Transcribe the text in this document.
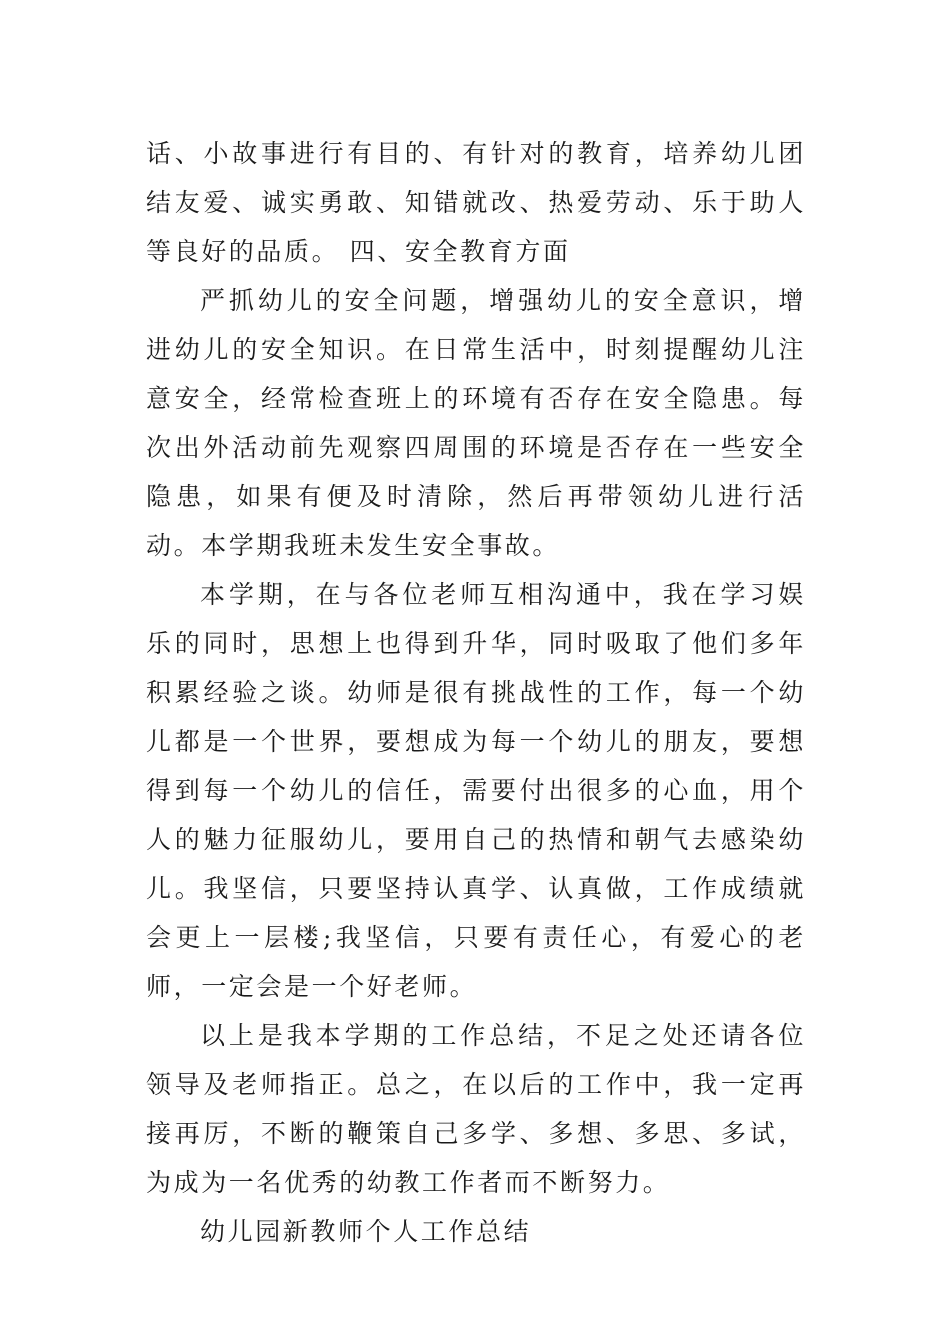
话、小故事进行有目的、有针对的教育，培养幼儿团结友爱、诚实勇敢、知错就改、热爱劳动、乐于助人等良好的品质。 四、安全教育方面

严抓幼儿的安全问题，增强幼儿的安全意识，增进幼儿的安全知识。在日常生活中，时刻提醒幼儿注意安全，经常检查班上的环境有否存在安全隐患。每次出外活动前先观察四周围的环境是否存在一些安全隐患，如果有便及时清除，然后再带领幼儿进行活动。本学期我班未发生安全事故。

本学期，在与各位老师互相沟通中，我在学习娱乐的同时，思想上也得到升华，同时吸取了他们多年积累经验之谈。幼师是很有挑战性的工作，每一个幼儿都是一个世界，要想成为每一个幼儿的朋友，要想得到每一个幼儿的信任，需要付出很多的心血，用个人的魅力征服幼儿，要用自己的热情和朝气去感染幼儿。我坚信，只要坚持认真学、认真做，工作成绩就会更上一层楼;我坚信，只要有责任心，有爱心的老师，一定会是一个好老师。

以上是我本学期的工作总结，不足之处还请各位领导及老师指正。总之，在以后的工作中，我一定再接再厉，不断的鞭策自己多学、多想、多思、多试，为成为一名优秀的幼教工作者而不断努力。

幼儿园新教师个人工作总结
